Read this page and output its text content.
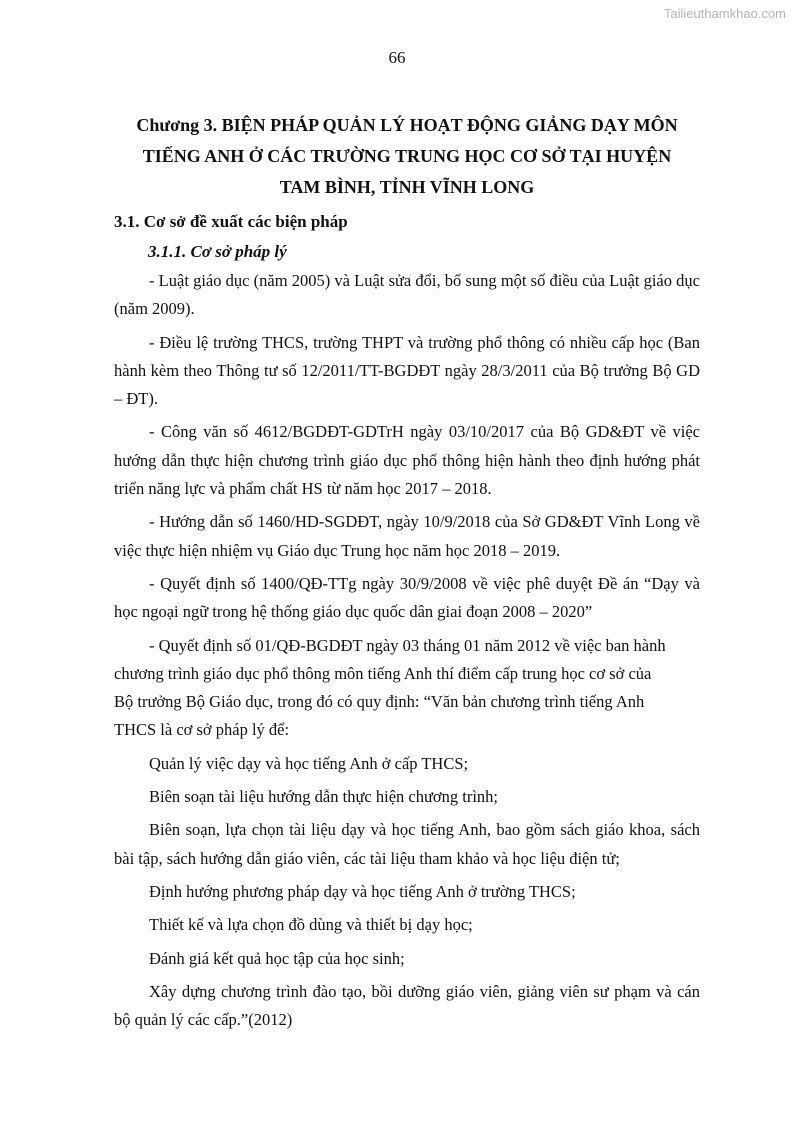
Tailieuthamkhao.com
66
Chương 3. BIỆN PHÁP QUẢN LÝ HOẠT ĐỘNG GIẢNG DẠY MÔN
TIẾNG ANH Ở CÁC TRƯỜNG TRUNG HỌC CƠ SỞ TẠI HUYỆN
TAM BÌNH, TỈNH VĨNH LONG
3.1. Cơ sở đề xuất các biện pháp
3.1.1. Cơ sở pháp lý

- Luật giáo dục (năm 2005) và Luật sửa đổi, bổ sung một số điều của Luật giáo dục (năm 2009).

- Điều lệ trường THCS, trường THPT và trường phổ thông có nhiều cấp học (Ban hành kèm theo Thông tư số 12/2011/TT-BGDĐT ngày 28/3/2011 của Bộ trưởng Bộ GD – ĐT).

- Công văn số 4612/BGDĐT-GDTrH ngày 03/10/2017 của Bộ GD&ĐT về việc hướng dẫn thực hiện chương trình giáo dục phổ thông hiện hành theo định hướng phát triển năng lực và phẩm chất HS từ năm học 2017 – 2018.

- Hướng dẫn số 1460/HD-SGDĐT, ngày 10/9/2018 của Sở GD&ĐT Vĩnh Long về việc thực hiện nhiệm vụ Giáo dục Trung học năm học 2018 – 2019.

- Quyết định số 1400/QĐ-TTg ngày 30/9/2008 về việc phê duyệt Đề án “Dạy và học ngoại ngữ trong hệ thống giáo dục quốc dân giai đoạn 2008 – 2020”

- Quyết định số 01/QĐ-BGDĐT ngày 03 tháng 01 năm 2012 về việc ban hành
chương trình giáo dục phổ thông môn tiếng Anh thí điểm cấp trung học cơ sở của
Bộ trưởng Bộ Giáo dục, trong đó có quy định: “Văn bản chương trình tiếng Anh
THCS là cơ sở pháp lý để:

Quản lý việc dạy và học tiếng Anh ở cấp THCS;

Biên soạn tài liệu hướng dẫn thực hiện chương trình;

Biên soạn, lựa chọn tài liệu dạy và học tiếng Anh, bao gồm sách giáo khoa, sách bài tập, sách hướng dẫn giáo viên, các tài liệu tham khảo và học liệu điện tử;

Định hướng phương pháp dạy và học tiếng Anh ở trường THCS;

Thiết kế và lựa chọn đồ dùng và thiết bị dạy học;

Đánh giá kết quả học tập của học sinh;

Xây dựng chương trình đào tạo, bồi dưỡng giáo viên, giảng viên sư phạm và cán bộ quản lý các cấp.”(2012)
